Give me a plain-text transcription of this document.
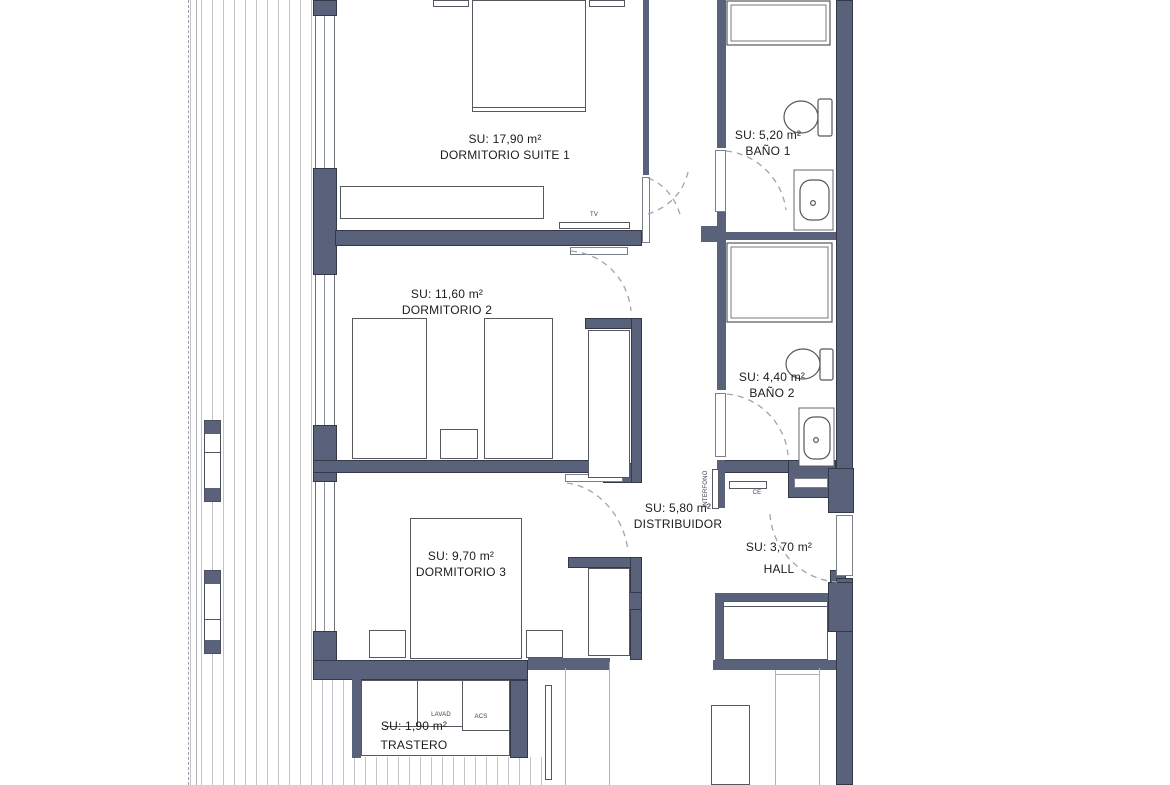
SU: 17,90 m²
DORMITORIO SUITE 1
SU: 5,20 m²
BAÑO 1
SU: 11,60 m²
DORMITORIO 2
SU: 4,40 m²
BAÑO 2
SU: 5,80 m²
DISTRIBUIDOR
SU: 3,70 m²
HALL
SU: 9,70 m²
DORMITORIO 3
SU: 1,90 m²
TRASTERO
TV
LAVAD	ACS
CE
INTERFONO
